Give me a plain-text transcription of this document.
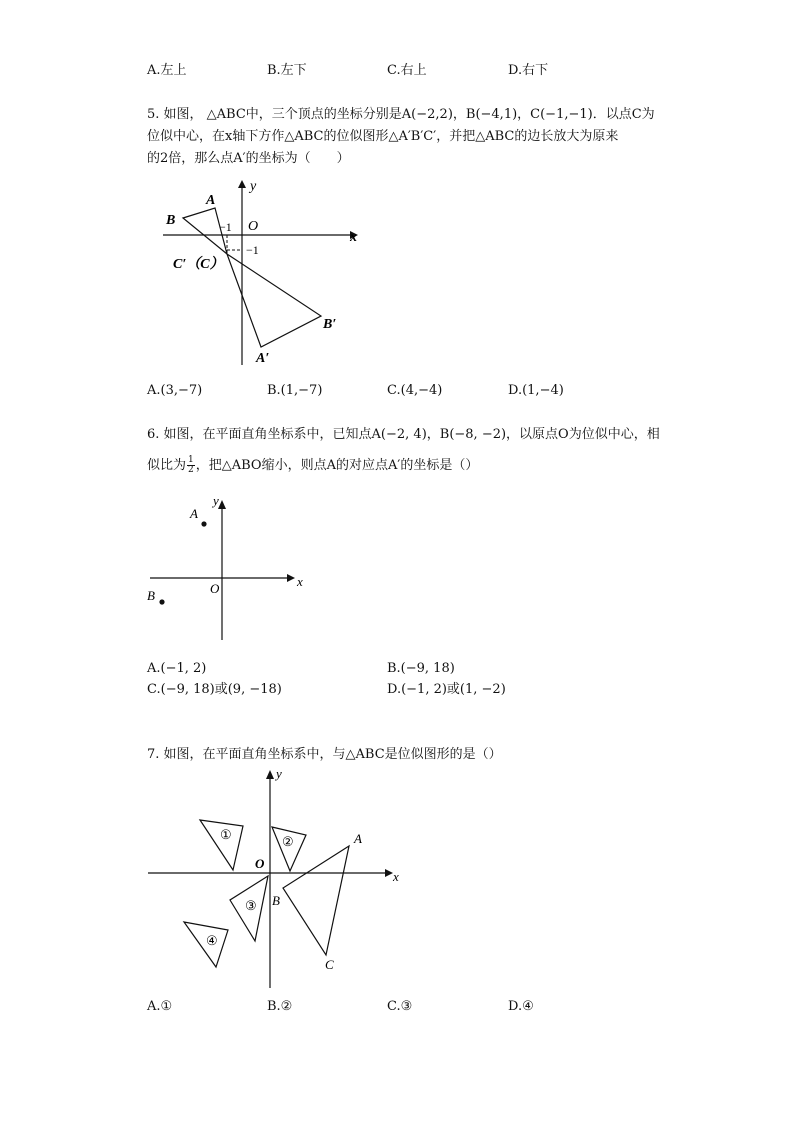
A.左上	B.左下	C.右上	D.右下
5. 如图， △ABC中，三个顶点的坐标分别是A(−2,2)，B(−4,1)，C(−1,−1)．以点C为
位似中心，在x轴下方作△ABC的位似图形△A′B′C′，并把△ABC的边长放大为原来
的2倍，那么点A′的坐标为（　　）
y
x
O
A
B	−1
−1
C′（C）
A′
B′
A.(3,−7)	B.(1,−7)	C.(4,−4)	D.(1,−4)
6. 如图，在平面直角坐标系中，已知点A(−2, 4)，B(−8, −2)，以原点O为位似中心，相
似比为 $\frac{1}{2}$ ，把△ABO缩小，则点A的对应点A′的坐标是（）
y
x
O
A
B
A.(−1, 2)	B.(−9, 18)
C.(−9, 18)或(9, −18)	D.(−1, 2)或(1, −2)
7. 如图，在平面直角坐标系中，与△ABC是位似图形的是（）
①	②
③
④
y
x
O
A
B
C
A.①	B.②	C.③	D.④
